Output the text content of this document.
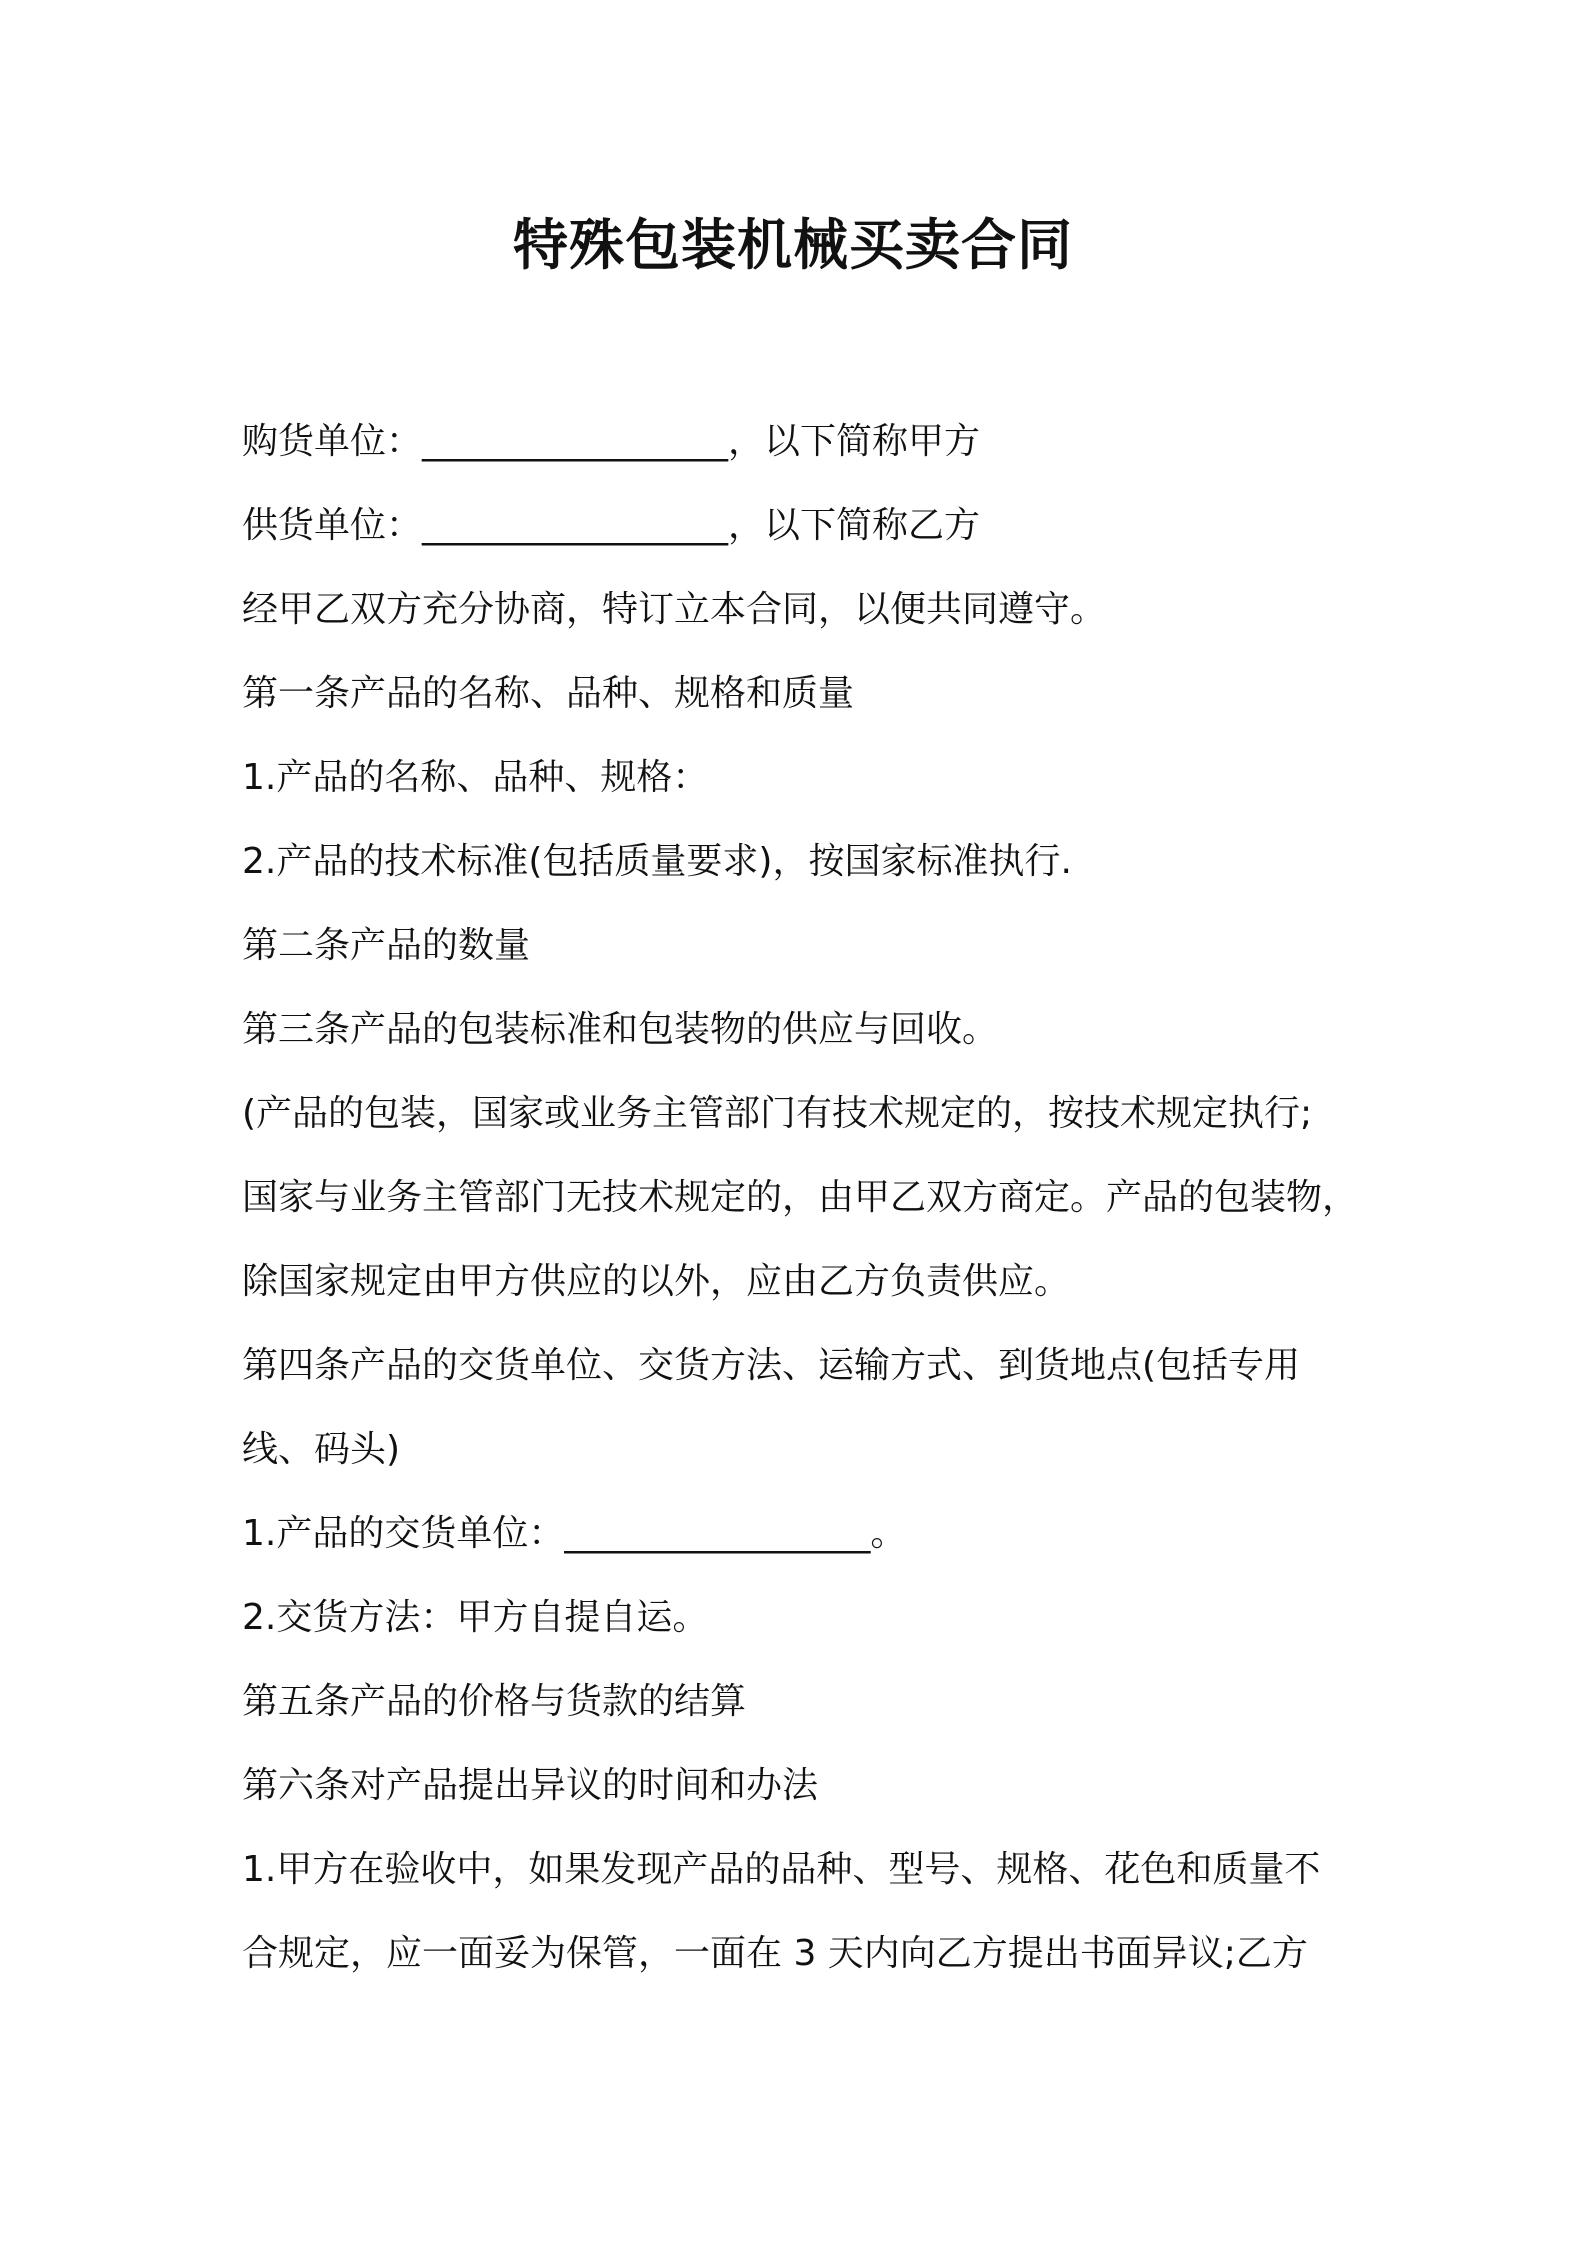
特殊包装机械买卖合同

购货单位：_________________，以下简称甲方

供货单位：_________________，以下简称乙方

经甲乙双方充分协商，特订立本合同，以便共同遵守。

第一条产品的名称、品种、规格和质量

1.产品的名称、品种、规格：

2.产品的技术标准(包括质量要求)，按国家标准执行.

第二条产品的数量

第三条产品的包装标准和包装物的供应与回收。

(产品的包装，国家或业务主管部门有技术规定的，按技术规定执行;

国家与业务主管部门无技术规定的，由甲乙双方商定。产品的包装物，

除国家规定由甲方供应的以外，应由乙方负责供应。

第四条产品的交货单位、交货方法、运输方式、到货地点(包括专用

线、码头)

1.产品的交货单位：_________________。

2.交货方法：甲方自提自运。

第五条产品的价格与货款的结算

第六条对产品提出异议的时间和办法

1.甲方在验收中，如果发现产品的品种、型号、规格、花色和质量不

合规定，应一面妥为保管，一面在 3 天内向乙方提出书面异议;乙方
